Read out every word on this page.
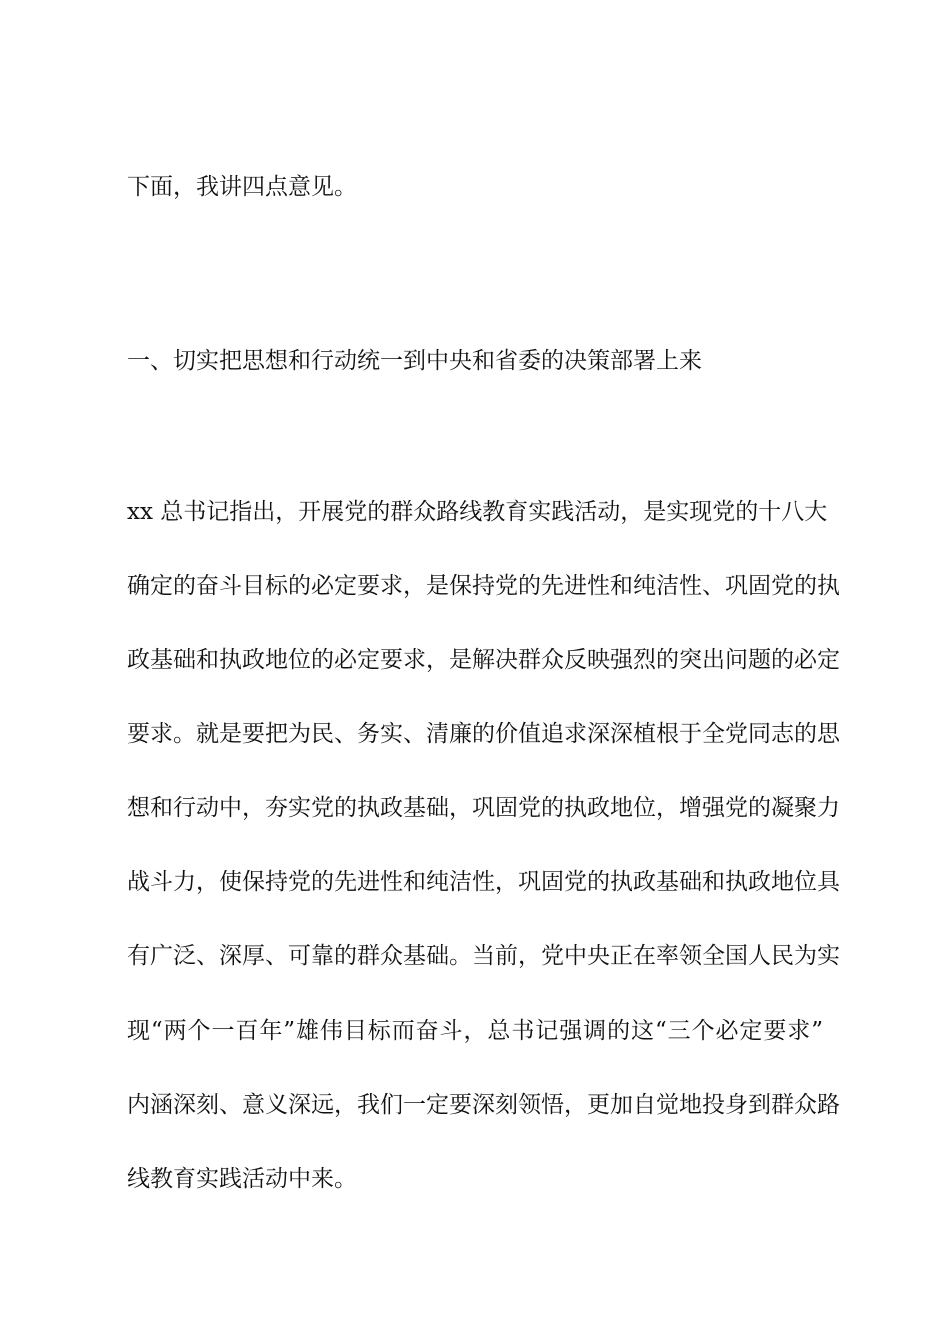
下面，我讲四点意见。
一、切实把思想和行动统一到中央和省委的决策部署上来
xx 总书记指出，开展党的群众路线教育实践活动，是实现党的十八大
确定的奋斗目标的必定要求，是保持党的先进性和纯洁性、巩固党的执
政基础和执政地位的必定要求，是解决群众反映强烈的突出问题的必定
要求。就是要把为民、务实、清廉的价值追求深深植根于全党同志的思
想和行动中，夯实党的执政基础，巩固党的执政地位，增强党的凝聚力
战斗力，使保持党的先进性和纯洁性，巩固党的执政基础和执政地位具
有广泛、深厚、可靠的群众基础。当前，党中央正在率领全国人民为实
现“两个一百年”雄伟目标而奋斗，总书记强调的这“三个必定要求”
内涵深刻、意义深远，我们一定要深刻领悟，更加自觉地投身到群众路
线教育实践活动中来。
